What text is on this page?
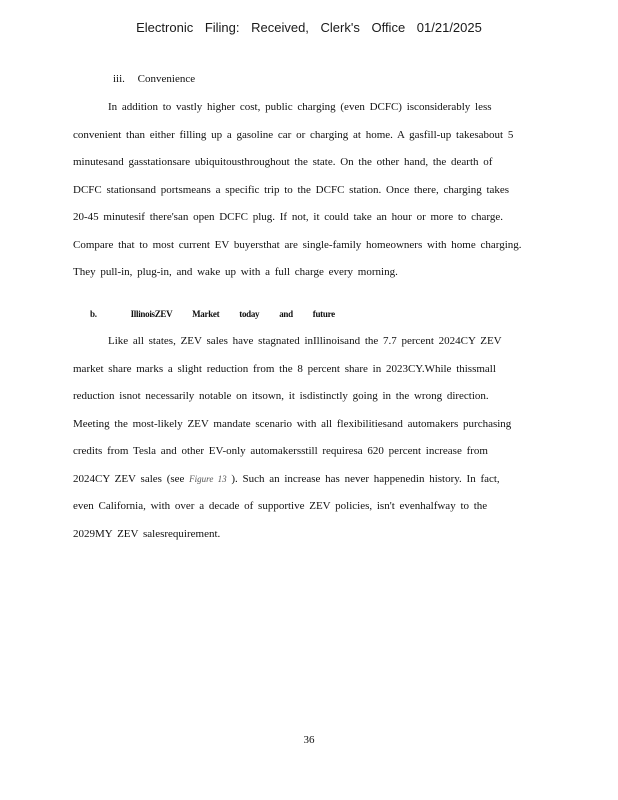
Electronic Filing: Received, Clerk's Office 01/21/2025
iii. Convenience
In addition to vastly higher cost, public charging (even DCFC) isconsiderably less
convenient than either filling up a gasoline car or charging at home. A gasfill-up takesabout 5
minutesand gasstationsare ubiquitousthroughout the state. On the other hand, the dearth of
DCFC stationsand portsmeans a specific trip to the DCFC station. Once there, charging takes
20-45 minutesif there'san open DCFC plug. If not, it could take an hour or more to charge.
Compare that to most current EV buyersthat are single-family homeowners with home charging.
They pull-in, plug-in, and wake up with a full charge every morning.
b.	IllinoisZEV Market today and future
Like all states, ZEV sales have stagnated inIllinoisand the 7.7 percent 2024CY ZEV
market share marks a slight reduction from the 8 percent share in 2023CY.While thissmall
reduction isnot necessarily notable on itsown, it isdistinctly going in the wrong direction.
Meeting the most-likely ZEV mandate scenario with all flexibilitiesand automakers purchasing
credits from Tesla and other EV-only automakersstill requiresa 620 percent increase from
2024CY ZEV sales (see Figure 13 ). Such an increase has never happenedin history. In fact,
even California, with over a decade of supportive ZEV policies, isn't evenhalfway to the
2029MY ZEV salesrequirement.
36
